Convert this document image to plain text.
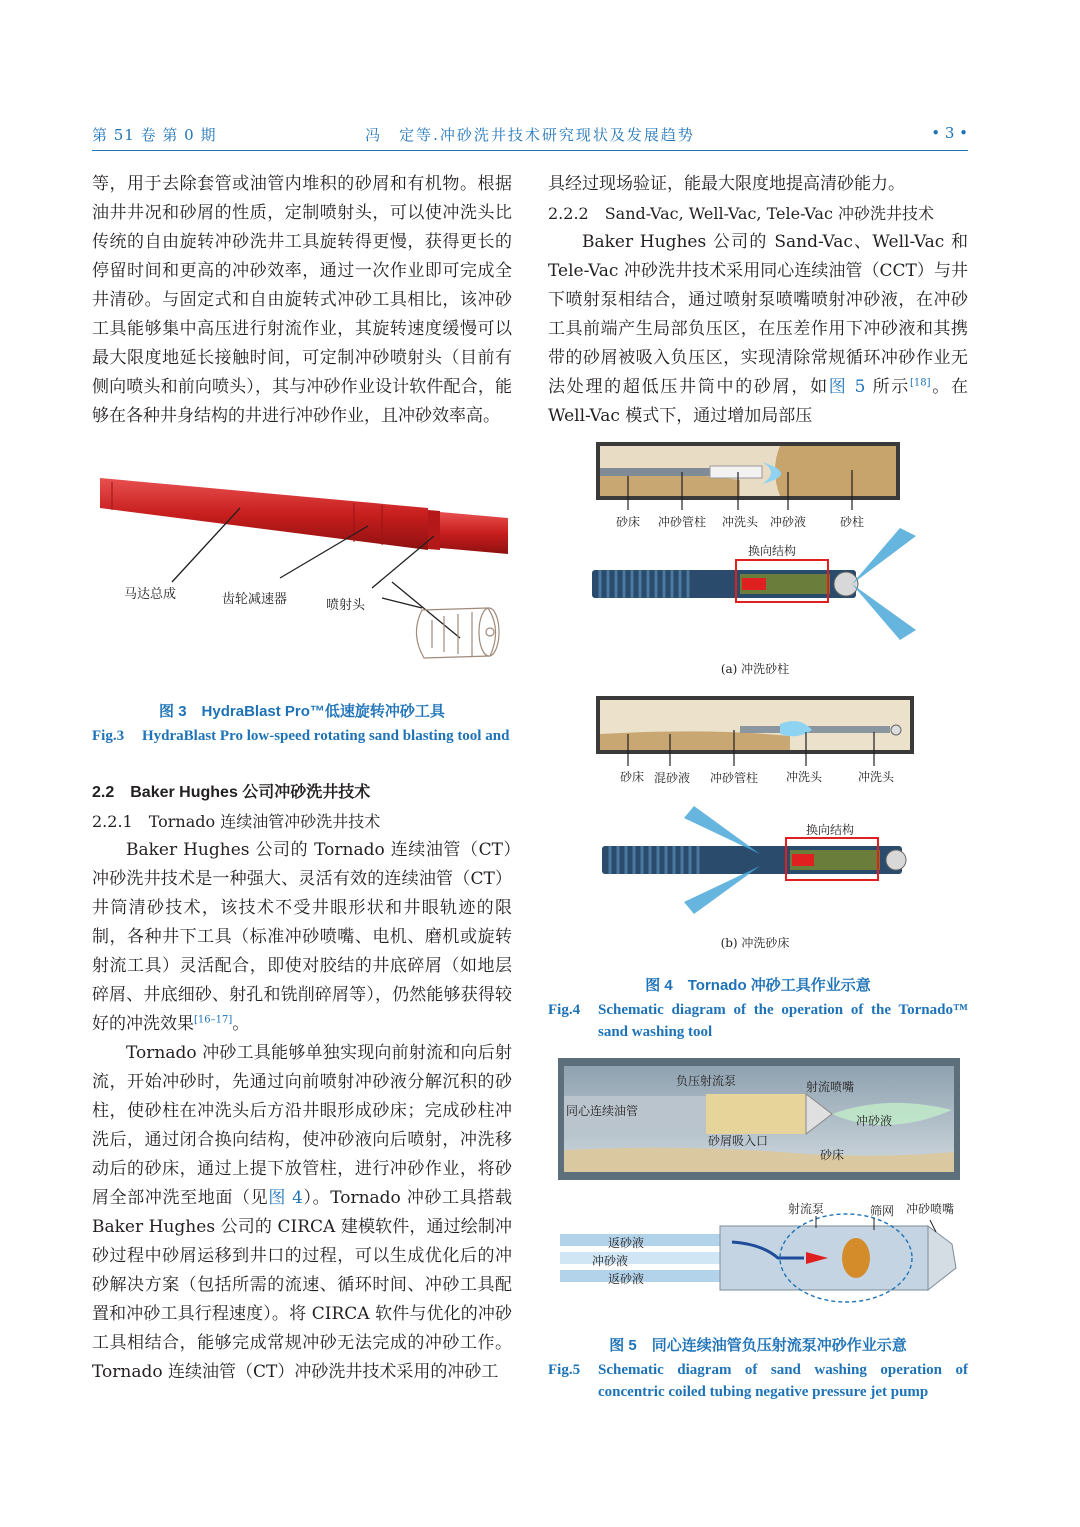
第 51 卷 第 0 期	冯　定等.冲砂洗井技术研究现状及发展趋势	• 3 •

等，用于去除套管或油管内堆积的砂屑和有机物。根据油井井况和砂屑的性质，定制喷射头，可以使冲洗头比传统的自由旋转冲砂洗井工具旋转得更慢，获得更长的停留时间和更高的冲砂效率，通过一次作业即可完成全井清砂。与固定式和自由旋转式冲砂工具相比，该冲砂工具能够集中高压进行射流作业，其旋转速度缓慢可以最大限度地延长接触时间，可定制冲砂喷射头（目前有侧向喷头和前向喷头），其与冲砂作业设计软件配合，能够在各种井身结构的井进行冲砂作业，且冲砂效率高。

马达总成	齿轮减速器	喷射头
图 3　HydraBlast Pro™低速旋转冲砂工具
Fig.3 HydraBlast Pro low-speed rotating sand blasting tool and

2.2　Baker Hughes 公司冲砂洗井技术

2.2.1　Tornado 连续油管冲砂洗井技术

Baker Hughes 公司的 Tornado 连续油管（CT）冲砂洗井技术是一种强大、灵活有效的连续油管（CT）井筒清砂技术，该技术不受井眼形状和井眼轨迹的限制，各种井下工具（标准冲砂喷嘴、电机、磨机或旋转射流工具）灵活配合，即使对胶结的井底碎屑（如地层碎屑、井底细砂、射孔和铣削碎屑等），仍然能够获得较好的冲洗效果[16–17]。

Tornado 冲砂工具能够单独实现向前射流和向后射流，开始冲砂时，先通过向前喷射冲砂液分解沉积的砂柱，使砂柱在冲洗头后方沿井眼形成砂床；完成砂柱冲洗后，通过闭合换向结构，使冲砂液向后喷射，冲洗移动后的砂床，通过上提下放管柱，进行冲砂作业，将砂屑全部冲洗至地面（见图 4）。Tornado 冲砂工具搭载 Baker Hughes 公司的 CIRCA 建模软件，通过绘制冲砂过程中砂屑运移到井口的过程，可以生成优化后的冲砂解决方案（包括所需的流速、循环时间、冲砂工具配置和冲砂工具行程速度）。将 CIRCA 软件与优化的冲砂工具相结合，能够完成常规冲砂无法完成的冲砂工作。Tornado 连续油管（CT）冲砂洗井技术采用的冲砂工

具经过现场验证，能最大限度地提高清砂能力。

2.2.2　Sand-Vac, Well-Vac, Tele-Vac 冲砂洗井技术

Baker Hughes 公司的 Sand-Vac、Well-Vac 和 Tele-Vac 冲砂洗井技术采用同心连续油管（CCT）与井下喷射泵相结合，通过喷射泵喷嘴喷射冲砂液，在冲砂工具前端产生局部负压区，在压差作用下冲砂液和其携带的砂屑被吸入负压区，实现清除常规循环冲砂作业无法处理的超低压井筒中的砂屑，如图 5 所示[18]。在 Well-Vac 模式下，通过增加局部压

砂床 冲砂管柱 冲洗头 冲砂液	砂柱
换向结构
(a) 冲洗砂柱
砂床 混砂液 冲砂管柱 冲洗头	冲洗头
换向结构
(b) 冲洗砂床
图 4　Tornado 冲砂工具作业示意
Fig.4 Schematic diagram of the operation of the Tornado™ sand washing tool
负压射流泵	射流喷嘴
同心连续油管
冲砂液
砂屑吸入口
砂床
射流泵	筛网 冲砂喷嘴
返砂液
冲砂液
返砂液
图 5　同心连续油管负压射流泵冲砂作业示意
Fig.5 Schematic diagram of sand washing operation of concentric coiled tubing negative pressure jet pump
